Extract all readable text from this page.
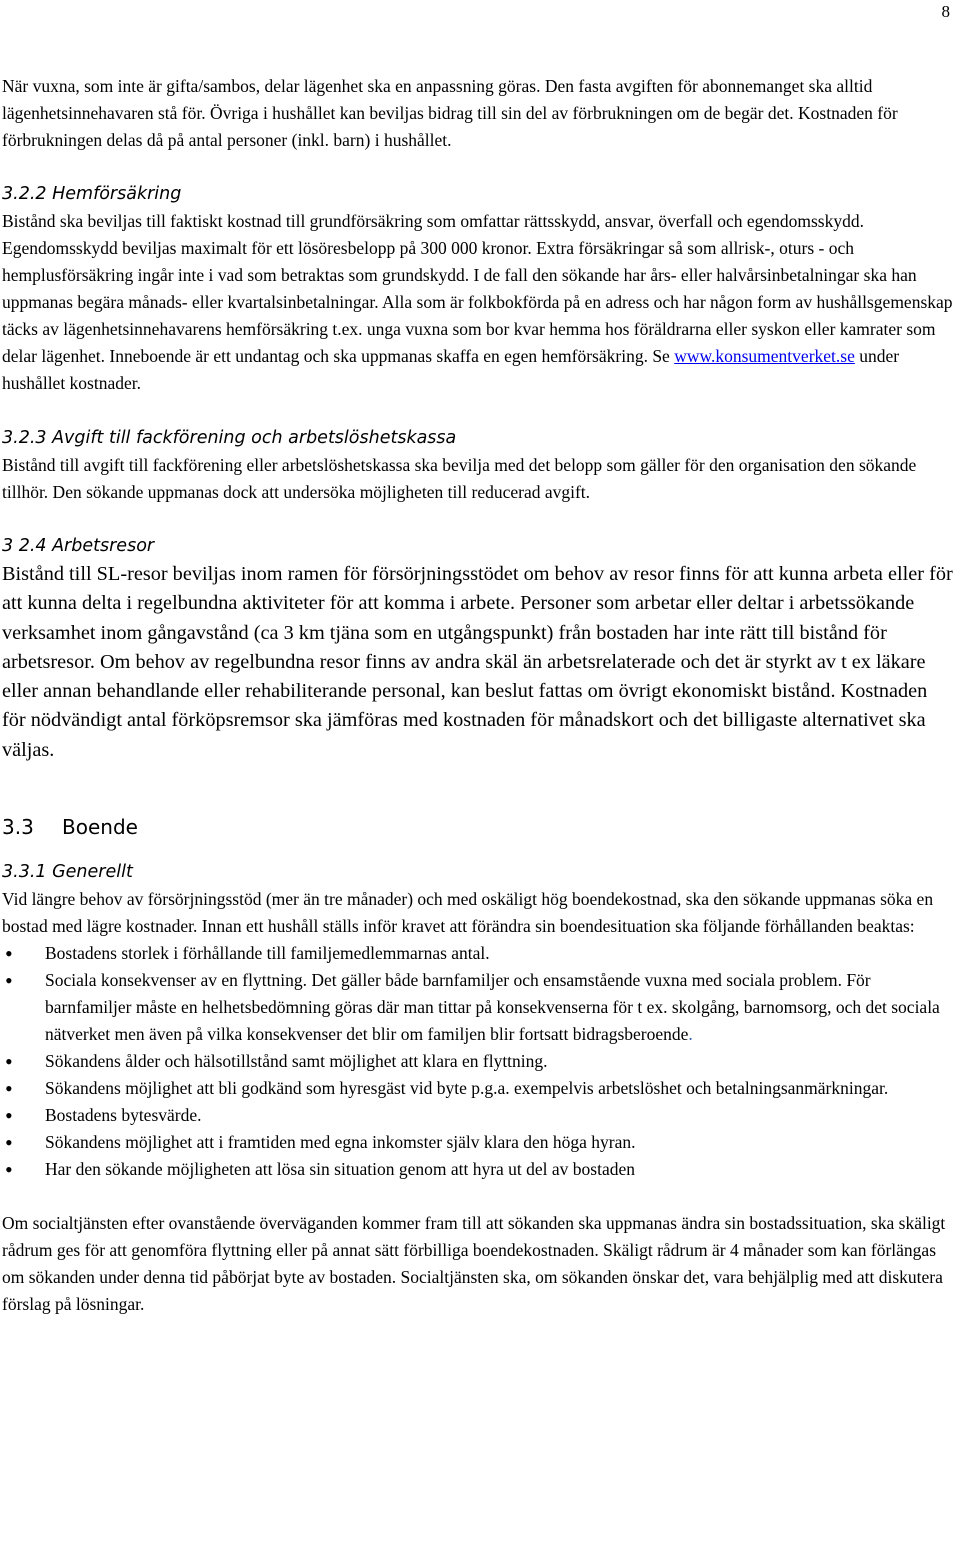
8

När vuxna, som inte är gifta/sambos, delar lägenhet ska en anpassning göras. Den fasta avgiften för abonnemanget ska alltid lägenhetsinnehavaren stå för. Övriga i hushållet kan beviljas bidrag till sin del av förbrukningen om de begär det. Kostnaden för förbrukningen delas då på antal personer (inkl. barn) i hushållet.

3.2.2 Hemförsäkring

Bistånd ska beviljas till faktiskt kostnad till grundförsäkring som omfattar rättsskydd, ansvar, överfall och egendomsskydd. Egendomsskydd beviljas maximalt för ett lösöresbelopp på 300 000 kronor. Extra försäkringar så som allrisk-, oturs - och hemplusförsäkring ingår inte i vad som betraktas som grundskydd. I de fall den sökande har års- eller halvårsinbetalningar ska han uppmanas begära månads- eller kvartalsinbetalningar. Alla som är folkbokförda på en adress och har någon form av hushållsgemenskap täcks av lägenhetsinnehavarens hemförsäkring t.ex. unga vuxna som bor kvar hemma hos föräldrarna eller syskon eller kamrater som delar lägenhet. Inneboende är ett undantag och ska uppmanas skaffa en egen hemförsäkring. Se www.konsumentverket.se under hushållet kostnader.

3.2.3 Avgift till fackförening och arbetslöshetskassa

Bistånd till avgift till fackförening eller arbetslöshetskassa ska bevilja med det belopp som gäller för den organisation den sökande tillhör. Den sökande uppmanas dock att undersöka möjligheten till reducerad avgift.

3 2.4 Arbetsresor

Bistånd till SL-resor beviljas inom ramen för försörjningsstödet om behov av resor finns för att kunna arbeta eller för att kunna delta i regelbundna aktiviteter för att komma i arbete. Personer som arbetar eller deltar i arbetssökande verksamhet inom gångavstånd (ca 3 km tjäna som en utgångspunkt) från bostaden har inte rätt till bistånd för arbetsresor. Om behov av regelbundna resor finns av andra skäl än arbetsrelaterade och det är styrkt av t ex läkare eller annan behandlande eller rehabiliterande personal, kan beslut fattas om övrigt ekonomiskt bistånd. Kostnaden för nödvändigt antal förköpsremsor ska jämföras med kostnaden för månadskort och det billigaste alternativet ska väljas.

3.3 Boende
3.3.1 Generellt

Vid längre behov av försörjningsstöd (mer än tre månader) och med oskäligt hög boendekostnad, ska den sökande uppmanas söka en bostad med lägre kostnader. Innan ett hushåll ställs inför kravet att förändra sin boendesituation ska följande förhållanden beaktas:

• Bostadens storlek i förhållande till familjemedlemmarnas antal.
• Sociala konsekvenser av en flyttning. Det gäller både barnfamiljer och ensamstående vuxna med sociala problem. För barnfamiljer måste en helhetsbedömning göras där man tittar på konsekvenserna för t ex. skolgång, barnomsorg, och det sociala nätverket men även på vilka konsekvenser det blir om familjen blir fortsatt bidragsberoende.
• Sökandens ålder och hälsotillstånd samt möjlighet att klara en flyttning.
• Sökandens möjlighet att bli godkänd som hyresgäst vid byte p.g.a. exempelvis arbetslöshet och betalningsanmärkningar.
• Bostadens bytesvärde.
• Sökandens möjlighet att i framtiden med egna inkomster själv klara den höga hyran.
• Har den sökande möjligheten att lösa sin situation genom att hyra ut del av bostaden

Om socialtjänsten efter ovanstående överväganden kommer fram till att sökanden ska uppmanas ändra sin bostadssituation, ska skäligt rådrum ges för att genomföra flyttning eller på annat sätt förbilliga boendekostnaden. Skäligt rådrum är 4 månader som kan förlängas om sökanden under denna tid påbörjat byte av bostaden. Socialtjänsten ska, om sökanden önskar det, vara behjälplig med att diskutera förslag på lösningar.
